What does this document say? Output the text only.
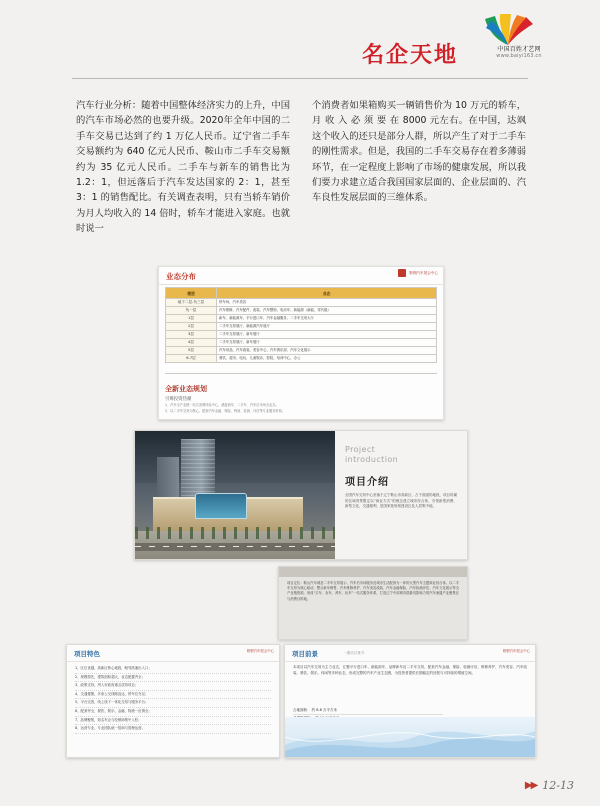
名企天地	中国百姓才艺网
www.baiyi163.cn

汽车行业分析：随着中国整体经济实力的上升，中国的汽车市场必然的也要升级。2020年全年中国的二手车交易已达到了约 1 万亿人民币。辽宁省二手车交易额约为 640 亿元人民币、鞍山市二手车交易额约为 35 亿元人民币。二手车与新车的销售比为 1.2：1，但远落后于汽车发达国家的 2：1，甚至 3：1 的销售配比。有关调查表明，只有当轿车销价为月人均收入的 14 倍时，轿车才能进入家庭。也就时说一

个消费者如果箱购买一辆销售价为 10 万元的轿车，月 收 入 必 须 要 在 8000 元左右。在中国，达飒这个收入的还只是部分人群，所以产生了对于二手车的刚性需求。但是，我国的二手车交易存在着多薄弱环节，在一定程度上影响了市场的健康发展，所以我们要力求建立适合我国国家层面的、企业层面的、汽车良性发展层面的三维体系。

业态分布	鞍钢汽车展会中心
楼层	业态
地下二层-负三层	停车场、汽车美容
负一层	汽车维修、汽车配件、改装、汽车整饰、电动车、新能源（新能、零代级）
1层	新车、新能源车、平行进口车、汽车金融服务、二手车交易大厅
2层	二手车交易展厅、新能源汽车展厅
3层	二手车交易展厅、新车展厅
4层	二手车交易展厅、新车展厅
5层	汽车用品、汽车改装、美容中心、汽车俱乐部、汽车文化展示
6-7层	餐饮、超市、电玩、儿童娱乐、影院、培训中心、办公
全新业态规划
引爆投资热潮
1、汽车全产业链一站式消费体验中心，涵盖新车、二手车、汽车后市场全业态。
2、以二手车交易为核心，配套汽车金融、保险、物流、检测、评估等专业服务机构。
Project
introduction
项目介绍
全国汽车交易中心坐落于辽宁鞍山市高新区、占于面道的地段，项目所属的区域背景限定以“商业方式”的理念建立城市综合体，引领新型消费、新型文化，交通便利，是国家批规划建设区及人居集中地。
项目定位：鞍山汽车城及二手车交易展示、汽车后市场服务及城市生活配套为一体的大型汽车主题商业综合体。以二手车交易为核心驱动，整合新车销售、汽车维修养护、汽车美容改装、汽车金融保险、汽车检测评估、汽车文化展示等全产业链资源，形成“买车、卖车、养车、玩车”一站式服务体系，打造辽宁中部城市群最具影响力的汽车流通产业聚集区与消费目的地。
项目特色	鞍钢汽车展会中心
1、区位优越，高新区核心地段，毗邻高速出入口；
2、规模领先，建筑面积超大，业态配置齐全；
3、政策支持，列入市政府重点扶持项目；
4、交通便捷，多条公交线路直达，停车位充足；
5、平台完善，线上线下一体化交易与服务平台；
6、配套齐全，餐饮、娱乐、金融、物流一应俱全；
7、品牌聚集，知名车企与经销商集中入驻；
8、运营专业，专业团队统一招商与管理运营。
项目前景	一期项目推介	鞍钢汽车展会中心
本项目以汽车交易为主力业态，汇聚平行进口车、新能源车、品牌新车及二手车交易，配套汽车金融、保险、检测评估、维修养护、汽车美容、汽车改装、餐饮、娱乐、休闲等多种业态，形成完整的汽车产业生态圈，为投资者提供长期稳定的回报与可持续的增值空间。
占地面积： 约 6.8 万平方米
▶▶ 12-13
